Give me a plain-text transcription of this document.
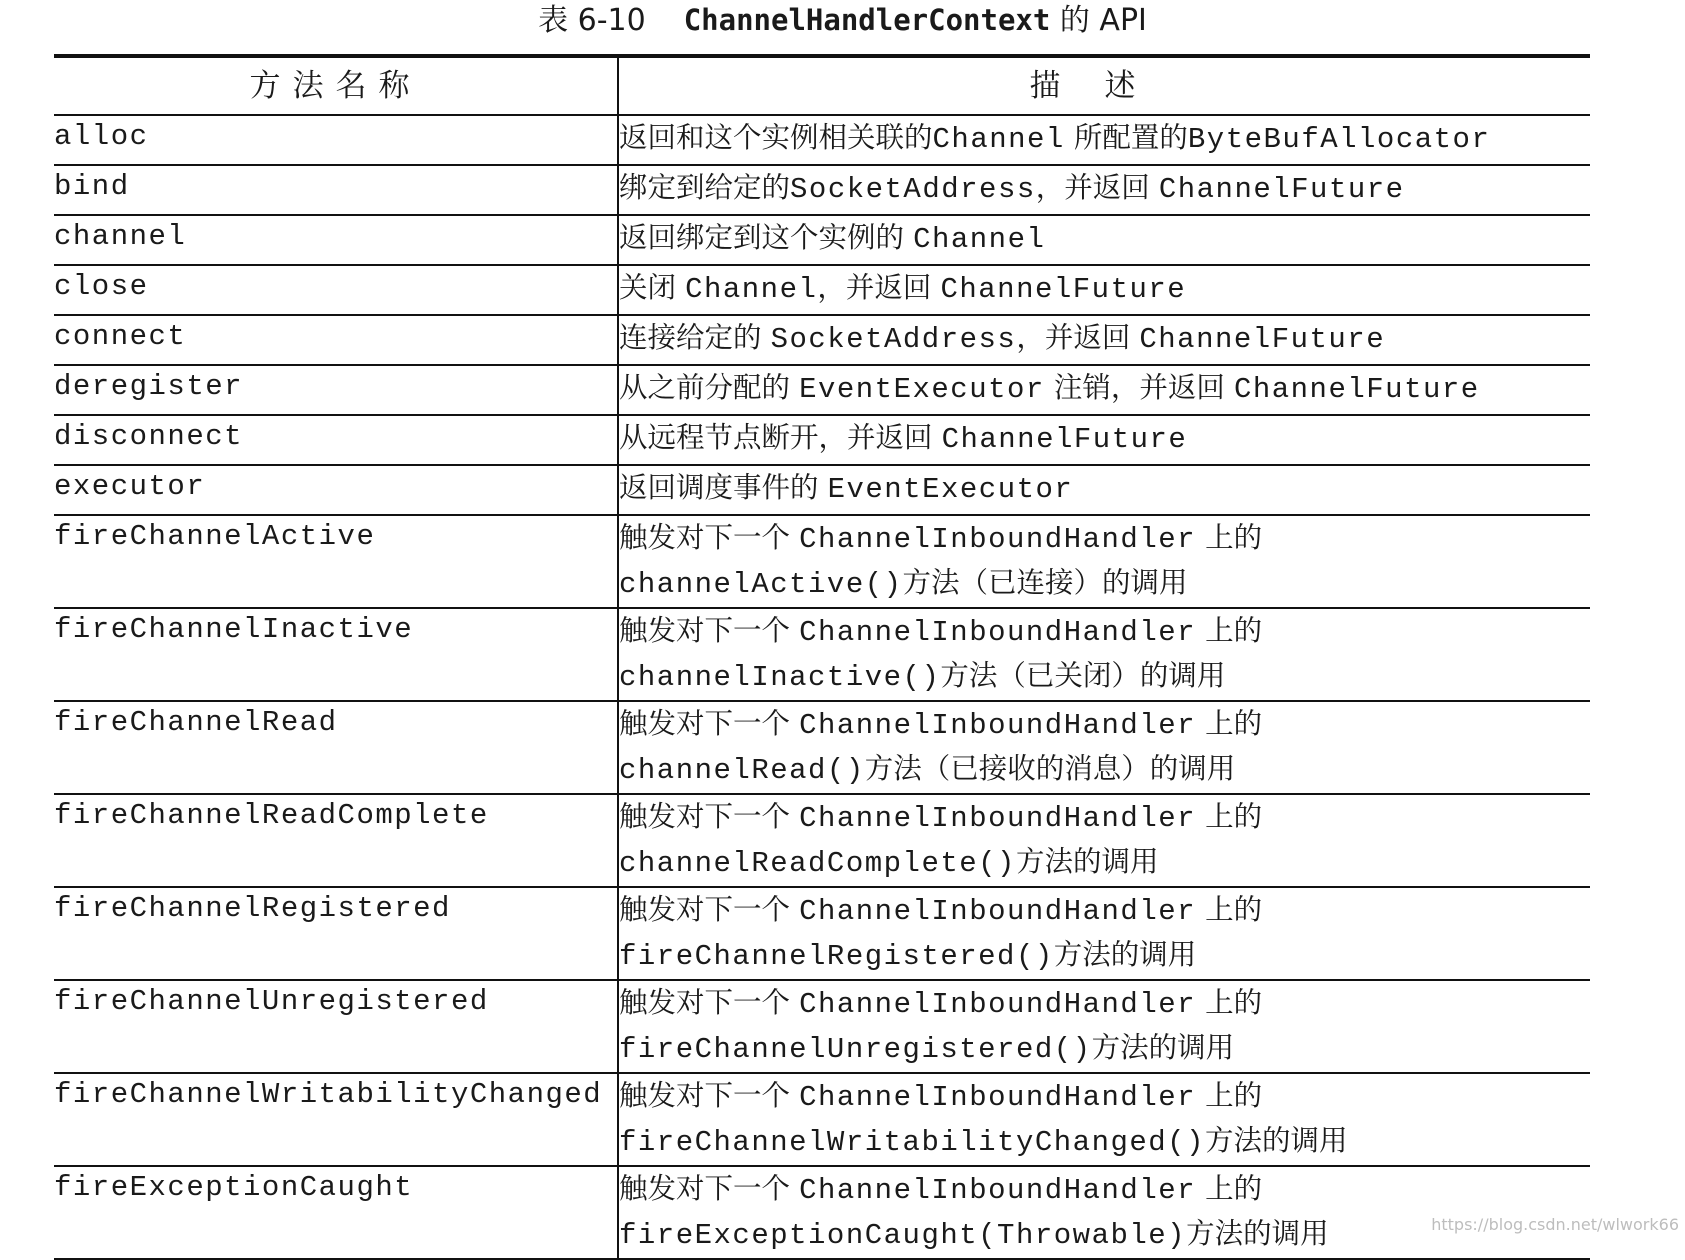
表 6-10 ChannelHandlerContext 的 API
方法名称	描述
alloc	返回和这个实例相关联的Channel 所配置的ByteBufAllocator

bind	绑定到给定的SocketAddress，并返回 ChannelFuture

channel	返回绑定到这个实例的 Channel

close	关闭 Channel，并返回 ChannelFuture

connect	连接给定的 SocketAddress，并返回 ChannelFuture

deregister	从之前分配的 EventExecutor 注销，并返回 ChannelFuture

disconnect	从远程节点断开，并返回 ChannelFuture

executor	返回调度事件的 EventExecutor

fireChannelActive	触发对下一个 ChannelInboundHandler 上的
channelActive()方法（已连接）的调用

fireChannelInactive	触发对下一个 ChannelInboundHandler 上的
channelInactive()方法（已关闭）的调用

fireChannelRead	触发对下一个 ChannelInboundHandler 上的
channelRead()方法（已接收的消息）的调用

fireChannelReadComplete	触发对下一个 ChannelInboundHandler 上的
channelReadComplete()方法的调用

fireChannelRegistered	触发对下一个 ChannelInboundHandler 上的
fireChannelRegistered()方法的调用

fireChannelUnregistered	触发对下一个 ChannelInboundHandler 上的
fireChannelUnregistered()方法的调用

fireChannelWritabilityChanged	触发对下一个 ChannelInboundHandler 上的
fireChannelWritabilityChanged()方法的调用

fireExceptionCaught	触发对下一个 ChannelInboundHandler 上的
fireExceptionCaught(Throwable)方法的调用	https://blog.csdn.net/wlwork66
